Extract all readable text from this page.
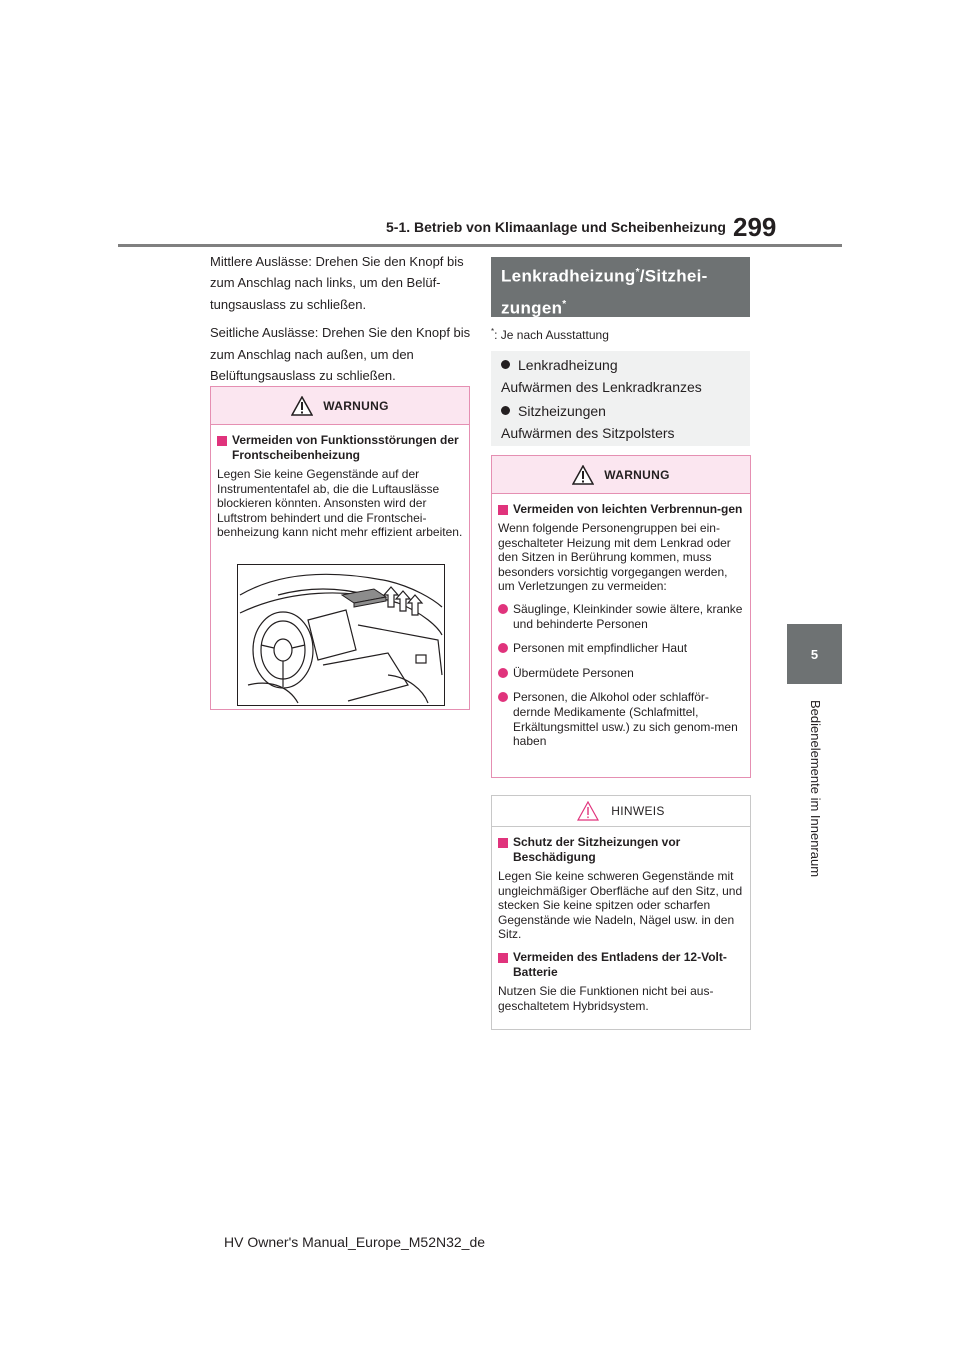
5-1. Betrieb von Klimaanlage und Scheibenheizung 299
5
Bedienelemente im Innenraum

Mittlere Auslässe: Drehen Sie den Knopf bis zum Anschlag nach links, um den Belüf-tungsauslass zu schließen.

Seitliche Auslässe: Drehen Sie den Knopf bis zum Anschlag nach außen, um den Belüftungsauslass zu schließen.

WARNUNG
Vermeiden von Funktionsstörungen der Frontscheibenheizung

Legen Sie keine Gegenstände auf der Instrumententafel ab, die die Luftauslässe blockieren könnten. Ansonsten wird der Luftstrom behindert und die Frontschei-benheizung kann nicht mehr effizient arbeiten.

Lenkradheizung*/Sitzhei-
zungen*
*: Je nach Ausstattung
Lenkradheizung
Aufwärmen des Lenkradkranzes
Sitzheizungen
Aufwärmen des Sitzpolsters
WARNUNG
Vermeiden von leichten Verbrennun-gen

Wenn folgende Personengruppen bei ein-geschalteter Heizung mit dem Lenkrad oder den Sitzen in Berührung kommen, muss besonders vorsichtig vorgegangen werden, um Verletzungen zu vermeiden:

Säuglinge, Kleinkinder sowie ältere, kranke und behinderte Personen
Personen mit empfindlicher Haut
Übermüdete Personen
Personen, die Alkohol oder schlafför-dernde Medikamente (Schlafmittel, Erkältungsmittel usw.) zu sich genom-men haben
HINWEIS
Schutz der Sitzheizungen vor Beschädigung

Legen Sie keine schweren Gegenstände mit ungleichmäßiger Oberfläche auf den Sitz, und stecken Sie keine spitzen oder scharfen Gegenstände wie Nadeln, Nägel usw. in den Sitz.

Vermeiden des Entladens der 12-Volt-Batterie

Nutzen Sie die Funktionen nicht bei aus-geschaltetem Hybridsystem.

HV Owner's Manual_Europe_M52N32_de
